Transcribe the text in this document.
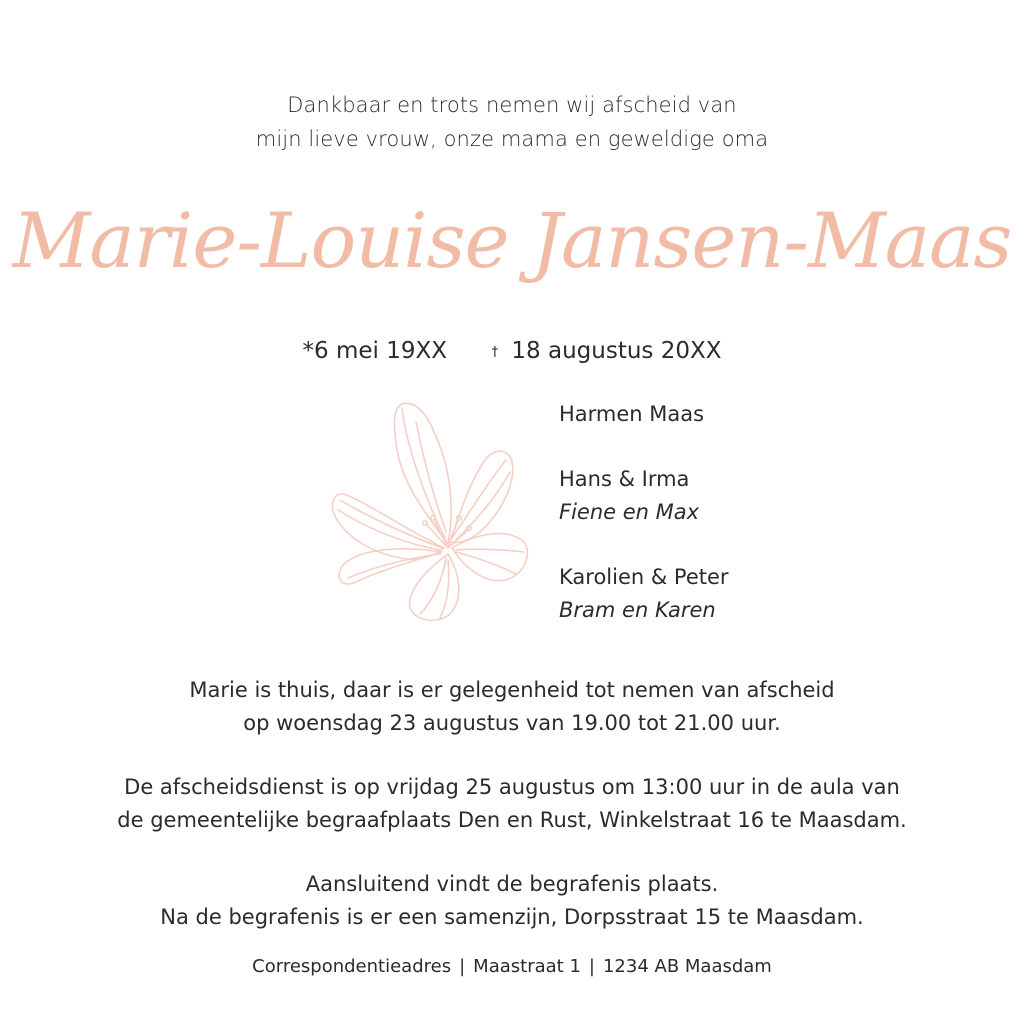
Dankbaar en trots nemen wij afscheid van
mijn lieve vrouw, onze mama en geweldige oma
Marie-Louise Jansen-Maas
*6 mei 19XX	† 18 augustus 20XX
Harmen Maas
Hans & Irma
Fiene en Max
Karolien & Peter
Bram en Karen
Marie is thuis, daar is er gelegenheid tot nemen van afscheid
op woensdag 23 augustus van 19.00 tot 21.00 uur.
De afscheidsdienst is op vrijdag 25 augustus om 13:00 uur in de aula van
de gemeentelijke begraafplaats Den en Rust, Winkelstraat 16 te Maasdam.
Aansluitend vindt de begrafenis plaats.
Na de begrafenis is er een samenzijn, Dorpsstraat 15 te Maasdam.
Correspondentieadres | Maastraat 1 | 1234 AB Maasdam
